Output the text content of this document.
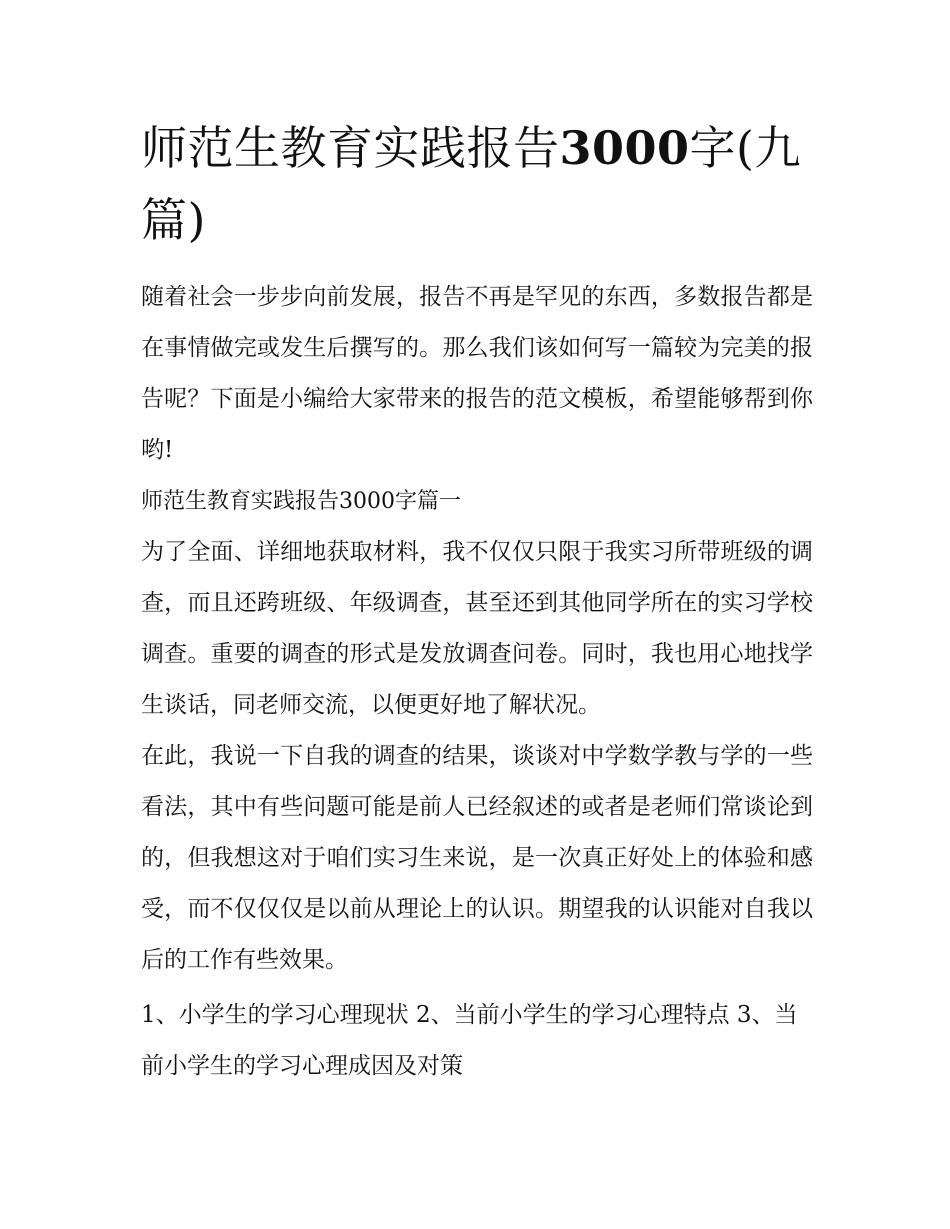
师范生教育实践报告3000字(九篇)

随着社会一步步向前发展，报告不再是罕见的东西，多数报告都是在事情做完或发生后撰写的。那么我们该如何写一篇较为完美的报告呢？下面是小编给大家带来的报告的范文模板，希望能够帮到你哟!

师范生教育实践报告3000字篇一

为了全面、详细地获取材料，我不仅仅只限于我实习所带班级的调查，而且还跨班级、年级调查，甚至还到其他同学所在的实习学校调查。重要的调查的形式是发放调查问卷。同时，我也用心地找学生谈话，同老师交流，以便更好地了解状况。

在此，我说一下自我的调查的结果，谈谈对中学数学教与学的一些看法，其中有些问题可能是前人已经叙述的或者是老师们常谈论到的，但我想这对于咱们实习生来说，是一次真正好处上的体验和感受，而不仅仅仅是以前从理论上的认识。期望我的认识能对自我以后的工作有些效果。

1、小学生的学习心理现状 2、当前小学生的学习心理特点 3、当前小学生的学习心理成因及对策
